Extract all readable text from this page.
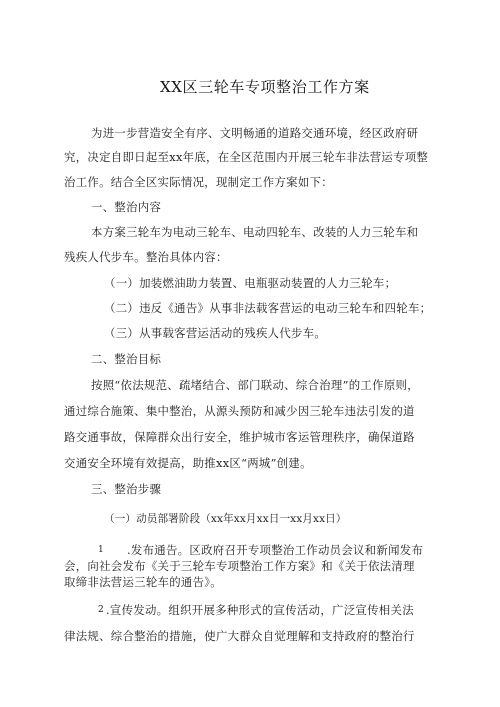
XX区三轮车专项整治工作方案
为进一步营造安全有序、文明畅通的道路交通环境，经区政府研
究，决定自即日起至xx年底，在全区范围内开展三轮车非法营运专项整
治工作。结合全区实际情况，现制定工作方案如下：
一、整治内容
本方案三轮车为电动三轮车、电动四轮车、改装的人力三轮车和
残疾人代步车。整治具体内容：
（一）加装燃油助力装置、电瓶驱动装置的人力三轮车；
（二）违反《通告》从事非法载客营运的电动三轮车和四轮车；
（三）从事载客营运活动的残疾人代步车。
二、整治目标
按照“依法规范、疏堵结合、部门联动、综合治理”的工作原则，
通过综合施策、集中整治，从源头预防和减少因三轮车违法引发的道
路交通事故，保障群众出行安全，维护城市客运管理秩序，确保道路
交通安全环境有效提高，助推xx区“两城”创建。
三、整治步骤
（一）动员部署阶段（xx年xx月xx日一xx月xx日）
1 .发布通告。区政府召开专项整治工作动员会议和新闻发布
会，向社会发布《关于三轮车专项整治工作方案》和《关于依法清理
取缔非法营运三轮车的通告》。
2 .宣传发动。组织开展多种形式的宣传活动，广泛宣传相关法
律法规、综合整治的措施，使广大群众自觉理解和支持政府的整治行
